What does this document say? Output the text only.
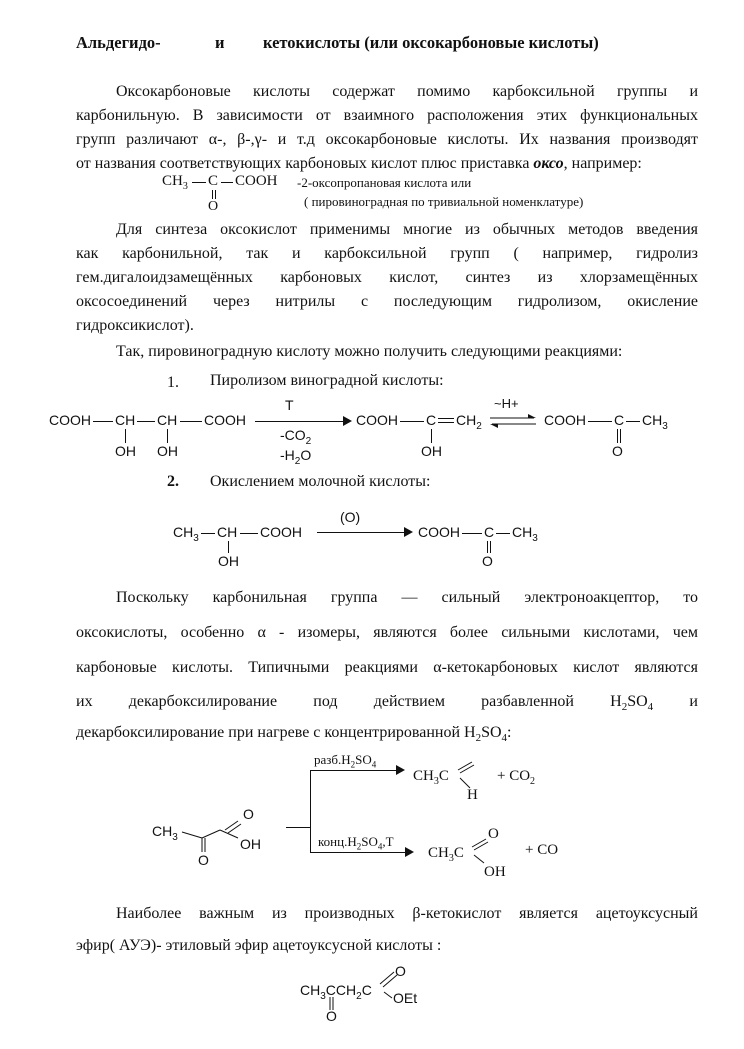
Альдегидо-	и кетокислоты (или оксокарбоновые кислоты)
Оксокарбоновые кислоты содержат помимо карбоксильной группы и
карбонильную. В зависимости от взаимного расположения этих функциональных
групп различают α-, β-,γ- и т.д оксокарбоновые кислоты. Их названия производят
от названия соответствующих карбоновых кислот плюс приставка оксо, например:
$CH_3$ C COOH
O
-2-оксопропановая кислота или
( пировиноградная по тривиальной номенклатуре)
Для синтеза оксокислот применимы многие из обычных методов введения
как карбонильной, так и карбоксильной групп ( например, гидролиз
гем.дигалоидзамещённых карбоновых кислот, синтез из хлорзамещённых
оксосоединений через нитрилы с последующим гидролизом, окисление
гидроксикислот).
Так, пировиноградную кислоту можно получить следующими реакциями:
1. Пиролизом виноградной кислоты:
COOH CH CH COOH
OH OH
T
$-CO_2$
$-H_2O$
COOH C $CH_2$
OH
~H+
⇌ COOH C $CH_3$
O
2. Окислением молочной кислоты:
$CH_3$ CH COOH
OH
(O)
COOH C $CH_3$
O
Поскольку карбонильная группа — сильный электроноакцептор, то
оксокислоты, особенно α - изомеры, являются более сильными кислотами, чем
карбоновые кислоты. Типичными реакциями α-кетокарбоновых кислот являются
их декарбоксилирование под действием разбавленной $H_2SO_4$ и
декарбоксилирование при нагреве с концентрированной $H_2SO_4$:
$CH_3$
O
O
OH
$разб.H_2SO_4$
$конц.H_2SO_4,T$
$CH_3C$
H
+ $CO_2$
$CH_3C$
O
OH
+ CO
Наиболее важным из производных β-кетокислот является ацетоуксусный
эфир( АУЭ)- этиловый эфир ацетоуксусной кислоты :
$CH_3CCH_2C$
O
O
OEt
